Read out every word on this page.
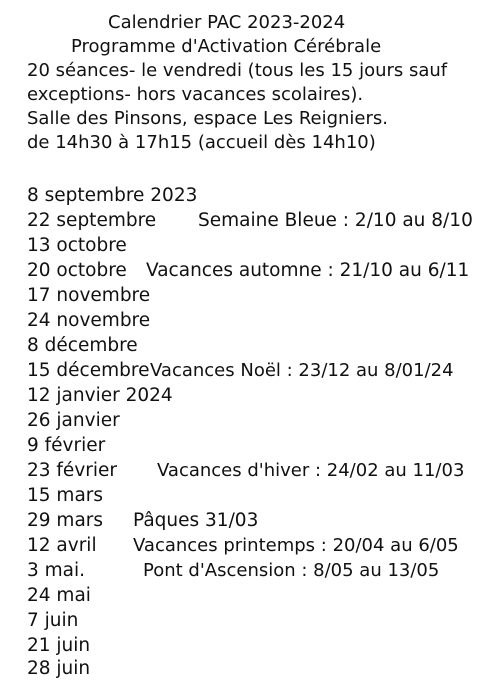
Calendrier PAC 2023-2024
Programme d'Activation Cérébrale
20 séances- le vendredi (tous les 15 jours sauf
exceptions- hors vacances scolaires).
Salle des Pinsons, espace Les Reigniers.
de 14h30 à 17h15 (accueil dès 14h10)
8 septembre 2023
22 septembre
13 octobre
20 octobre
17 novembre
24 novembre
8 décembre
15 décembre
12 janvier 2024
26 janvier
9 février
23 février
15 mars
29 mars
12 avril
3 mai.
24 mai
7 juin
21 juin
28 juin
Semaine Bleue : 2/10 au 8/10
Vacances automne : 21/10 au 6/11
Vacances Noël : 23/12 au 8/01/24
Vacances d'hiver : 24/02 au 11/03
Pâques 31/03
Vacances printemps : 20/04 au 6/05
Pont d'Ascension : 8/05 au 13/05
